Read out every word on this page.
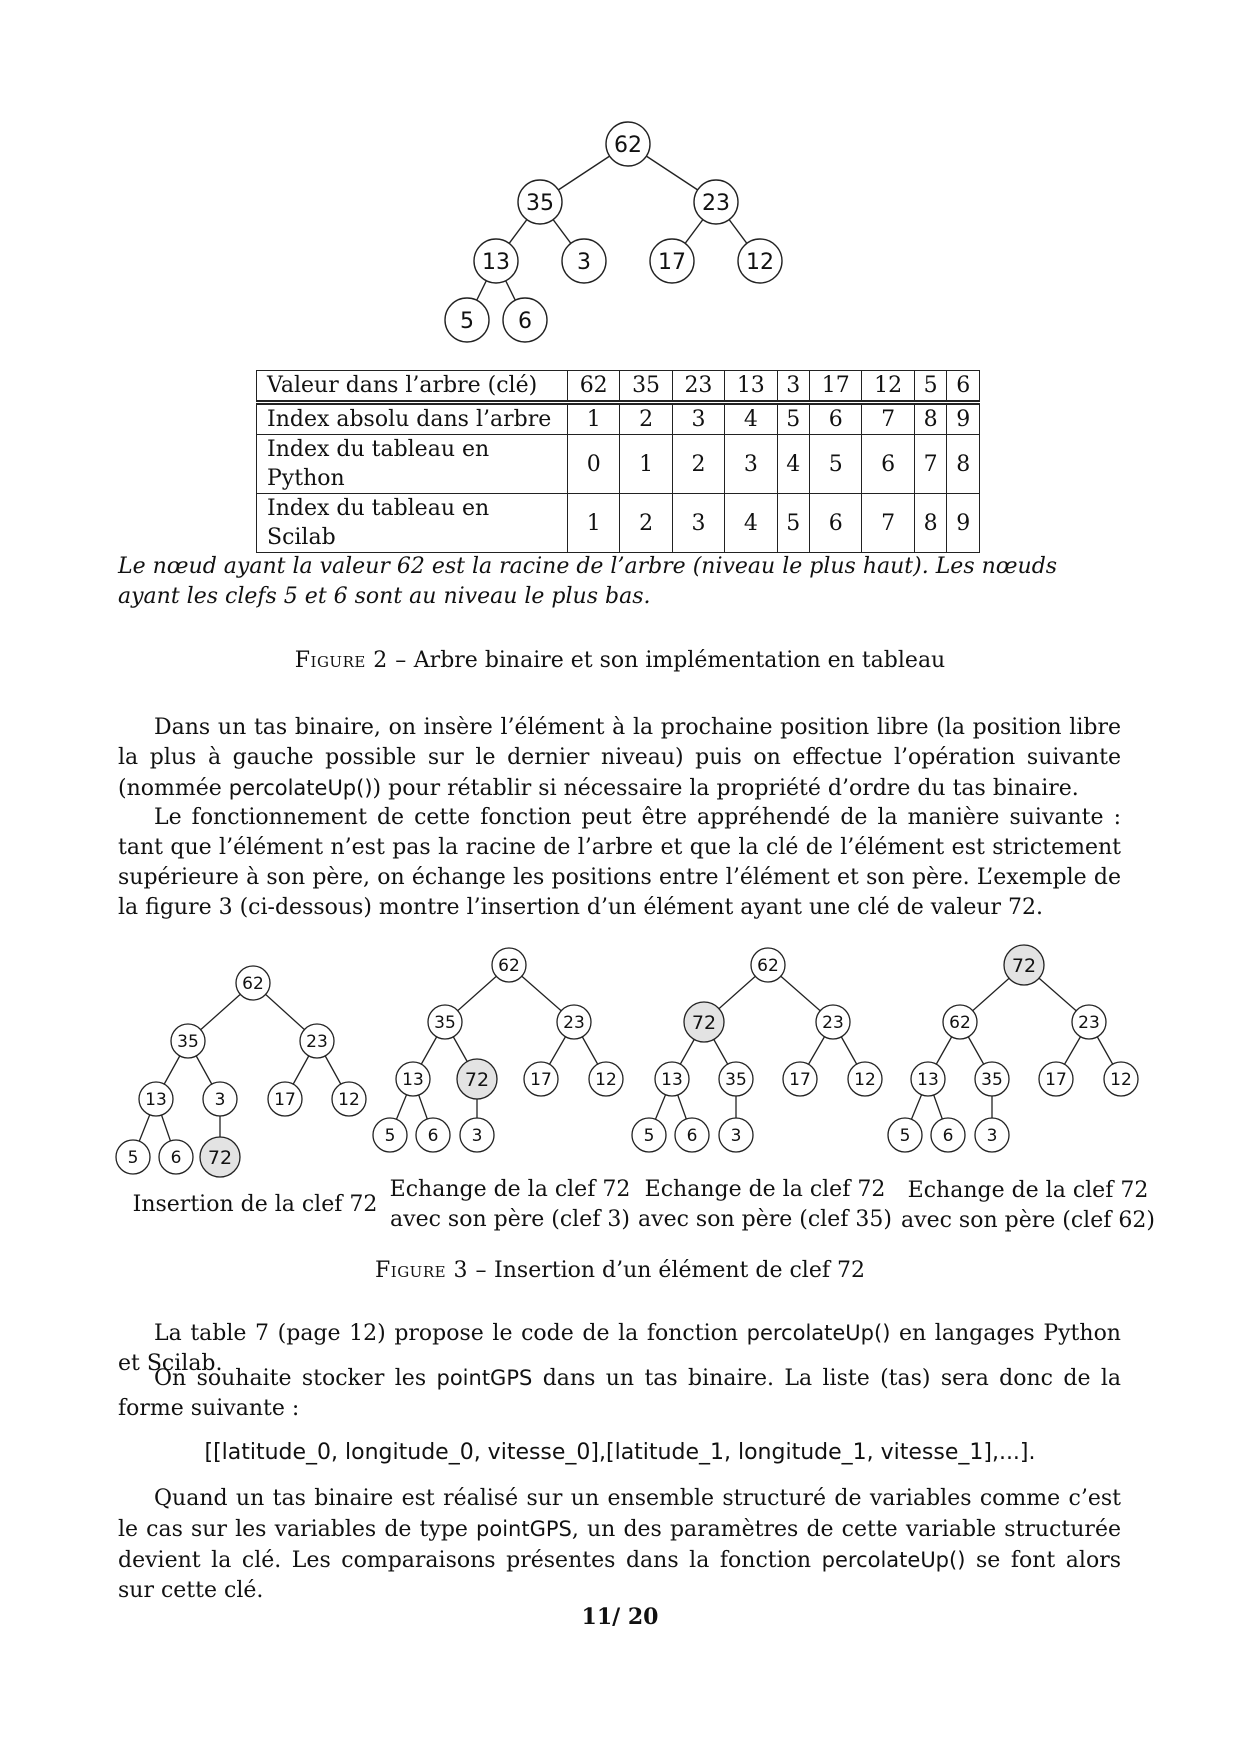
62
35	23
13	3	17	12
5 6
Valeur dans l’arbre (clé)	62	35	23	13	3	17	12	5	6
Index absolu dans l’arbre	1	2	3	4	5	6	7	8	9
Index du tableau en Python	0	1	2	3	4	5	6	7	8
Index du tableau en Scilab	1	2	3	4	5	6	7	8	9
Le nœud ayant la valeur 62 est la racine de l’arbre (niveau le plus haut). Les nœuds ayant les clefs 5 et 6 sont au niveau le plus bas.
Figure 2 – Arbre binaire et son implémentation en tableau

Dans un tas binaire, on insère l’élément à la prochaine position libre (la position libre la plus à gauche possible sur le dernier niveau) puis on effectue l’opération suivante (nommée percolateUp()) pour rétablir si nécessaire la propriété d’ordre du tas binaire.

Le fonctionnement de cette fonction peut être appréhendé de la manière suivante : tant que l’élément n’est pas la racine de l’arbre et que la clé de l’élément est strictement supérieure à son père, on échange les positions entre l’élément et son père. L’exemple de la figure 3 (ci-dessous) montre l’insertion d’un élément ayant une clé de valeur 72.

62
35	23
13	3	17 12
5 6 72
62
35	23
13 72 17	12
5 6 3
62
72	23
13 35 17	12
5 6 3
72
62	23
13 35 17	12
5 6 3
Insertion de la clef 72
Echange de la clef 72
avec son père (clef 3)
Echange de la clef 72
avec son père (clef 35)
Echange de la clef 72
avec son père (clef 62)
Figure 3 – Insertion d’un élément de clef 72

La table 7 (page 12) propose le code de la fonction percolateUp() en langages Python et Scilab.

On souhaite stocker les pointGPS dans un tas binaire. La liste (tas) sera donc de la forme suivante :

[[latitude_0, longitude_0, vitesse_0],[latitude_1, longitude_1, vitesse_1],...].

Quand un tas binaire est réalisé sur un ensemble structuré de variables comme c’est le cas sur les variables de type pointGPS, un des paramètres de cette variable structurée devient la clé. Les comparaisons présentes dans la fonction percolateUp() se font alors sur cette clé.

11/ 20
